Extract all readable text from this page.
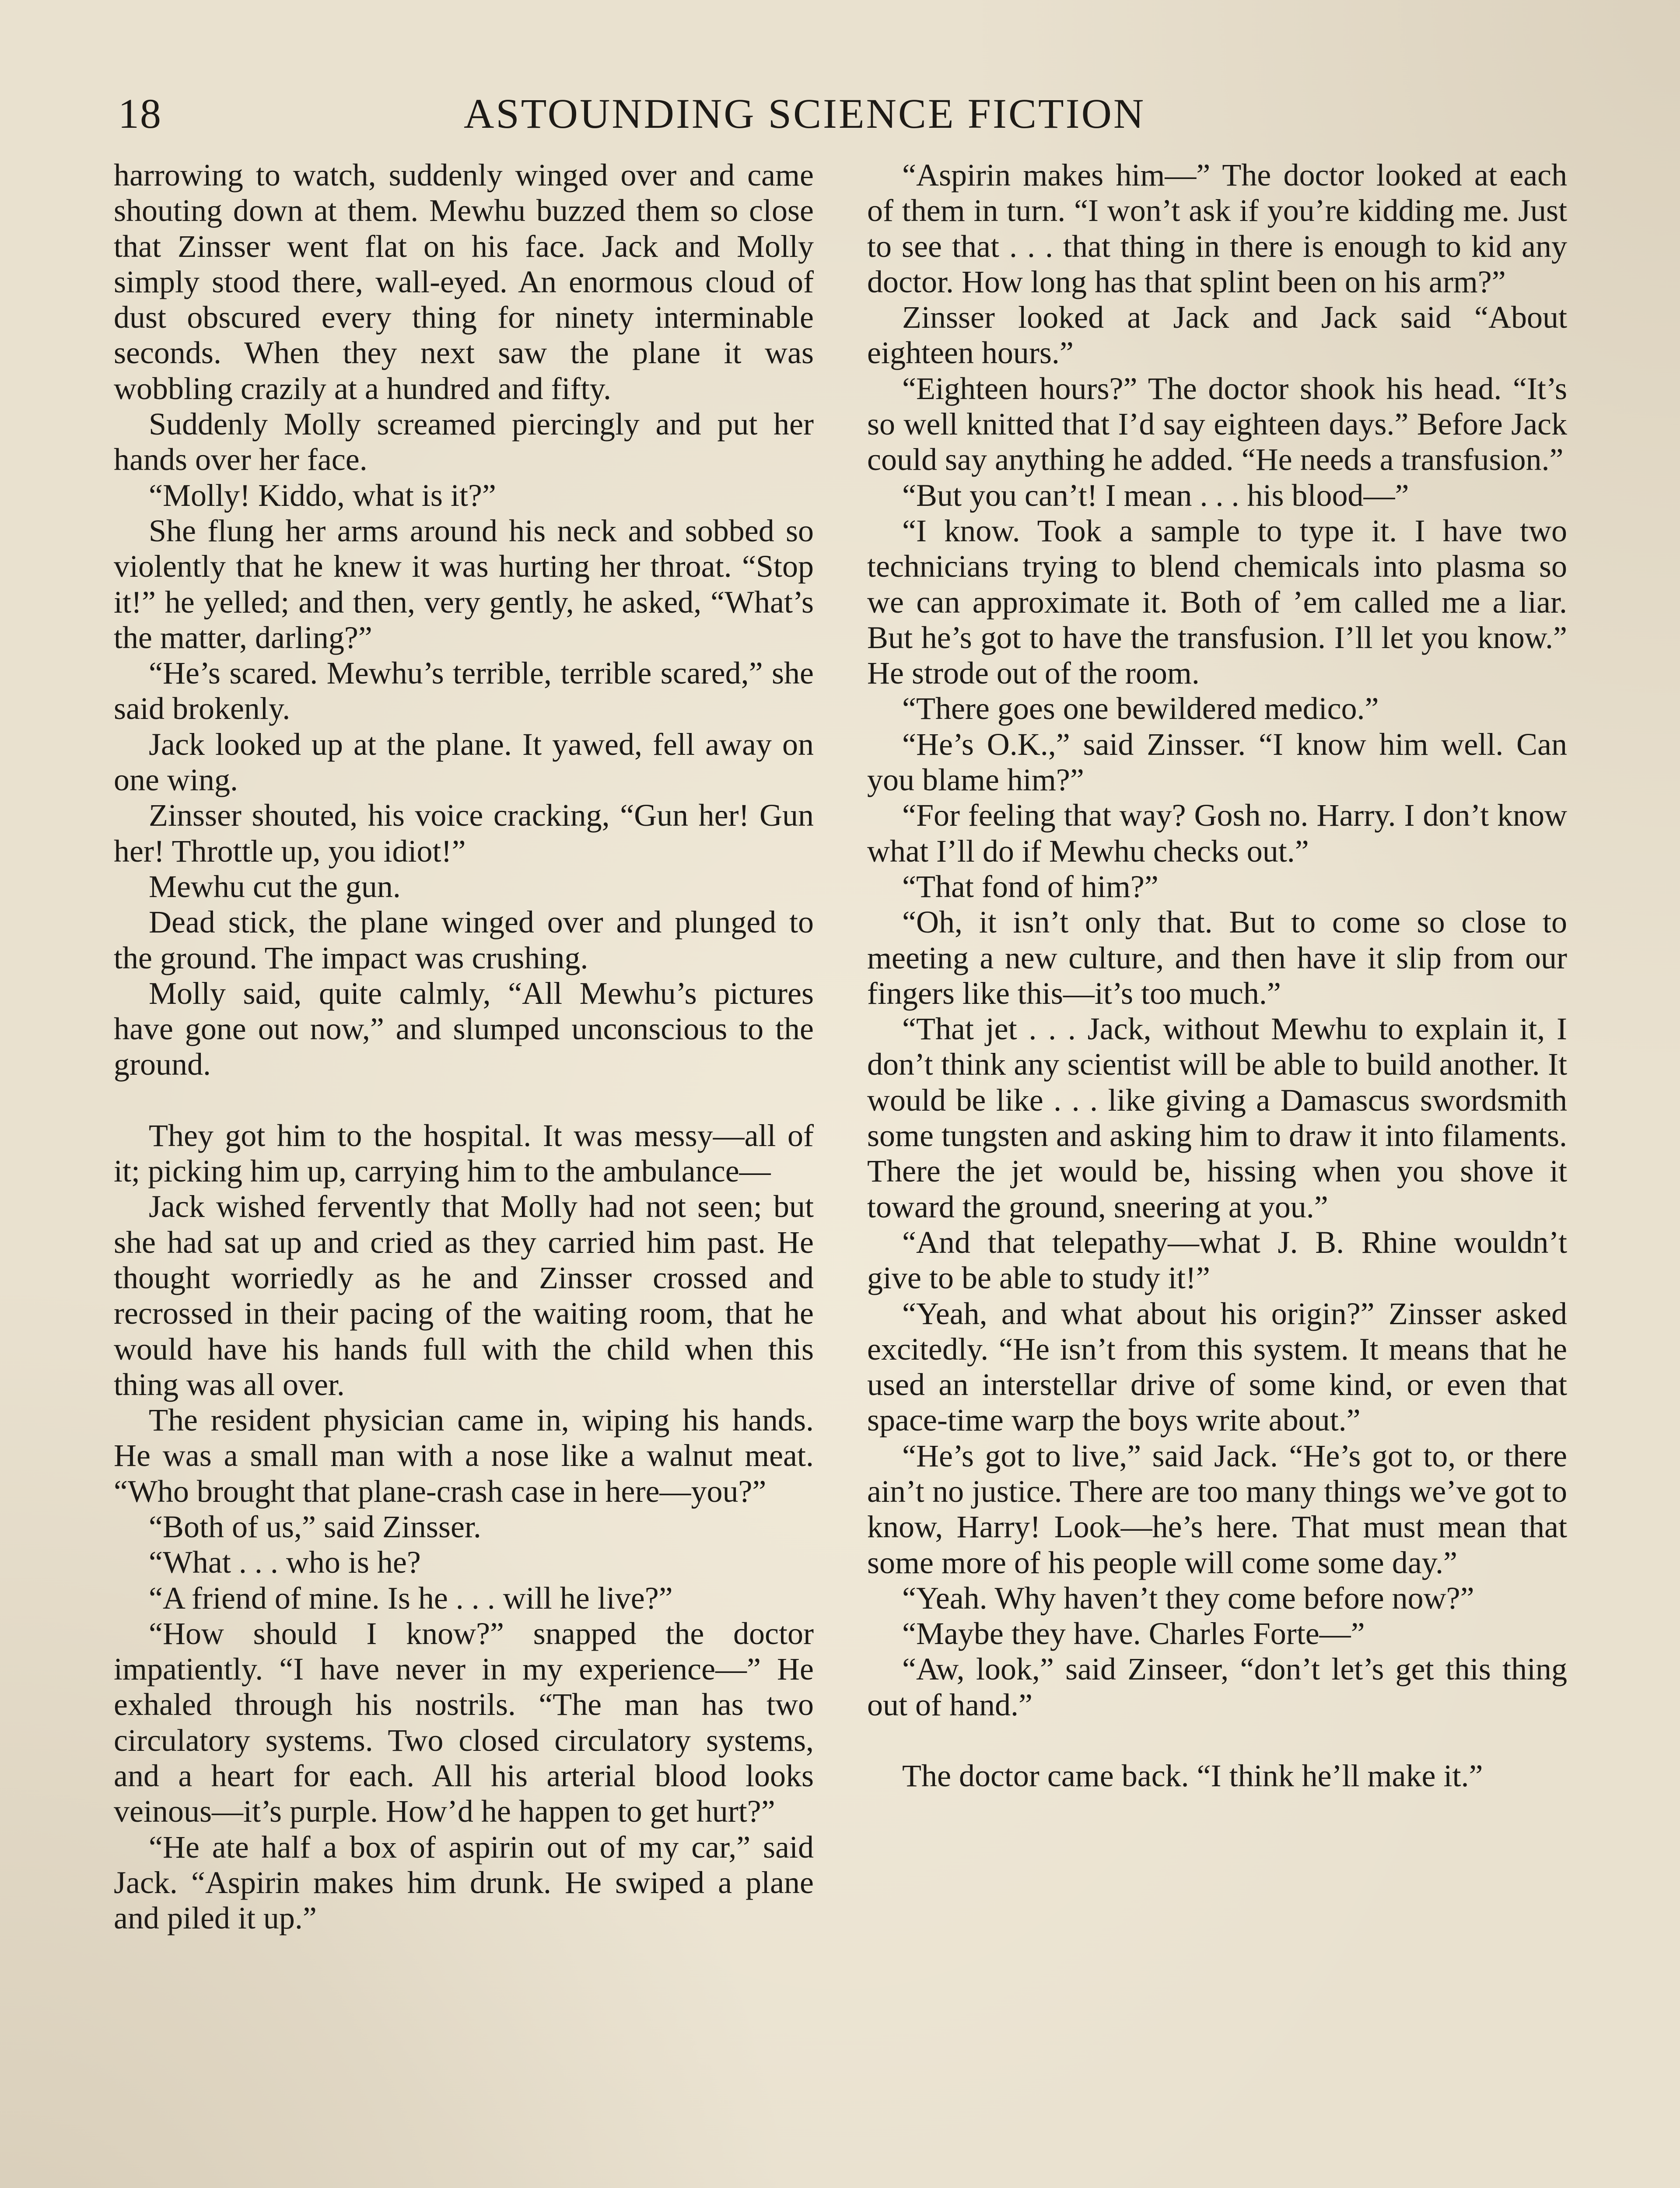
18	ASTOUNDING SCIENCE FICTION

harrowing to watch, suddenly winged over and came shouting down at them. Mewhu buzzed them so close that Zinsser went flat on his face. Jack and Molly simply stood there, wall-eyed. An enormous cloud of dust obscured every thing for ninety interminable seconds. When they next saw the plane it was wobbling crazily at a hundred and fifty.

Suddenly Molly screamed piercingly and put her hands over her face.

“Molly! Kiddo, what is it?”

She flung her arms around his neck and sobbed so violently that he knew it was hurting her throat. “Stop it!” he yelled; and then, very gently, he asked, “What’s the matter, darling?”

“He’s scared. Mewhu’s terrible, terrible scared,” she said brokenly.

Jack looked up at the plane. It yawed, fell away on one wing.

Zinsser shouted, his voice cracking, “Gun her! Gun her! Throttle up, you idiot!”

Mewhu cut the gun.

Dead stick, the plane winged over and plunged to the ground. The impact was crushing.

Molly said, quite calmly, “All Mewhu’s pictures have gone out now,” and slumped unconscious to the ground.

They got him to the hospital. It was messy—all of it; picking him up, carrying him to the ambulance—

Jack wished fervently that Molly had not seen; but she had sat up and cried as they carried him past. He thought worriedly as he and Zinsser crossed and recrossed in their pacing of the waiting room, that he would have his hands full with the child when this thing was all over.

The resident physician came in, wiping his hands. He was a small man with a nose like a walnut meat. “Who brought that plane-crash case in here—you?”

“Both of us,” said Zinsser.

“What . . . who is he?

“A friend of mine. Is he . . . will he live?”

“How should I know?” snapped the doctor impatiently. “I have never in my experience—” He exhaled through his nostrils. “The man has two circulatory systems. Two closed circulatory systems, and a heart for each. All his arterial blood looks veinous—it’s purple. How’d he happen to get hurt?”

“He ate half a box of aspirin out of my car,” said Jack. “Aspirin makes him drunk. He swiped a plane and piled it up.”

“Aspirin makes him—” The doctor looked at each of them in turn. “I won’t ask if you’re kidding me. Just to see that . . . that thing in there is enough to kid any doctor. How long has that splint been on his arm?”

Zinsser looked at Jack and Jack said “About eighteen hours.”

“Eighteen hours?” The doctor shook his head. “It’s so well knitted that I’d say eighteen days.” Before Jack could say anything he added. “He needs a transfusion.”

“But you can’t! I mean . . . his blood—”

“I know. Took a sample to type it. I have two technicians trying to blend chemicals into plasma so we can approximate it. Both of ’em called me a liar. But he’s got to have the transfusion. I’ll let you know.” He strode out of the room.

“There goes one bewildered medico.”

“He’s O.K.,” said Zinsser. “I know him well. Can you blame him?”

“For feeling that way? Gosh no. Harry. I don’t know what I’ll do if Mewhu checks out.”

“That fond of him?”

“Oh, it isn’t only that. But to come so close to meeting a new culture, and then have it slip from our fingers like this—it’s too much.”

“That jet . . . Jack, without Mewhu to explain it, I don’t think any scientist will be able to build another. It would be like . . . like giving a Damascus swordsmith some tungsten and asking him to draw it into filaments. There the jet would be, hissing when you shove it toward the ground, sneering at you.”

“And that telepathy—what J. B. Rhine wouldn’t give to be able to study it!”

“Yeah, and what about his origin?” Zinsser asked excitedly. “He isn’t from this system. It means that he used an interstellar drive of some kind, or even that space-time warp the boys write about.”

“He’s got to live,” said Jack. “He’s got to, or there ain’t no justice. There are too many things we’ve got to know, Harry! Look—he’s here. That must mean that some more of his people will come some day.”

“Yeah. Why haven’t they come before now?”

“Maybe they have. Charles Forte—”

“Aw, look,” said Zinseer, “don’t let’s get this thing out of hand.”

The doctor came back. “I think he’ll make it.”
